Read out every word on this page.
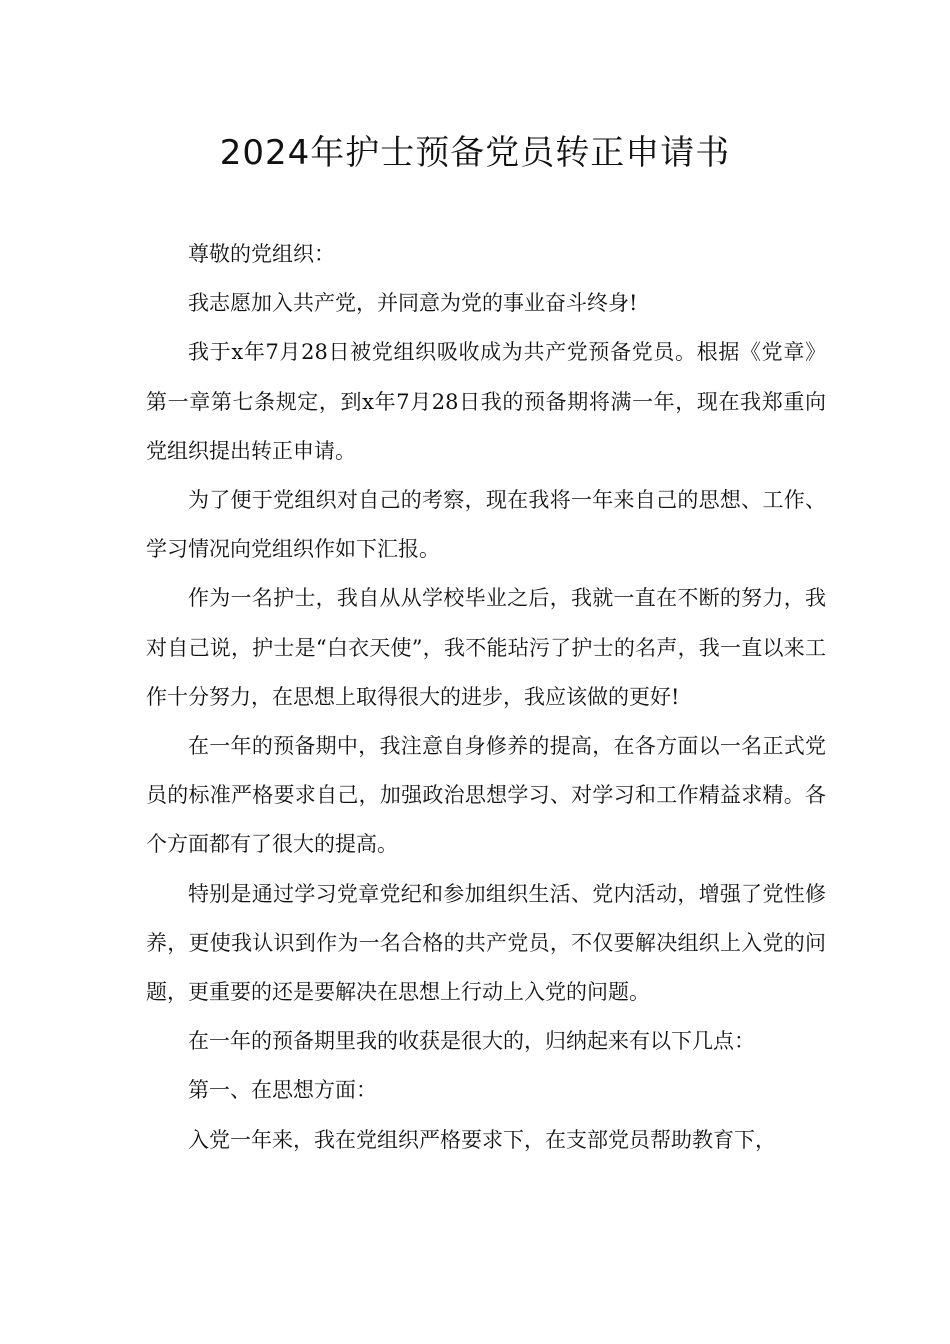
2024年护士预备党员转正申请书

尊敬的党组织：

我志愿加入共产党，并同意为党的事业奋斗终身!

我于x年7月28日被党组织吸收成为共产党预备党员。根据《党章》第一章第七条规定，到x年7月28日我的预备期将满一年，现在我郑重向党组织提出转正申请。

为了便于党组织对自己的考察，现在我将一年来自己的思想、工作、学习情况向党组织作如下汇报。

作为一名护士，我自从从学校毕业之后，我就一直在不断的努力，我对自己说，护士是“白衣天使”，我不能玷污了护士的名声，我一直以来工作十分努力，在思想上取得很大的进步，我应该做的更好!

在一年的预备期中，我注意自身修养的提高，在各方面以一名正式党员的标准严格要求自己，加强政治思想学习、对学习和工作精益求精。各个方面都有了很大的提高。

特别是通过学习党章党纪和参加组织生活、党内活动，增强了党性修养，更使我认识到作为一名合格的共产党员，不仅要解决组织上入党的问题，更重要的还是要解决在思想上行动上入党的问题。

在一年的预备期里我的收获是很大的，归纳起来有以下几点：

第一、在思想方面：

入党一年来，我在党组织严格要求下，在支部党员帮助教育下，
